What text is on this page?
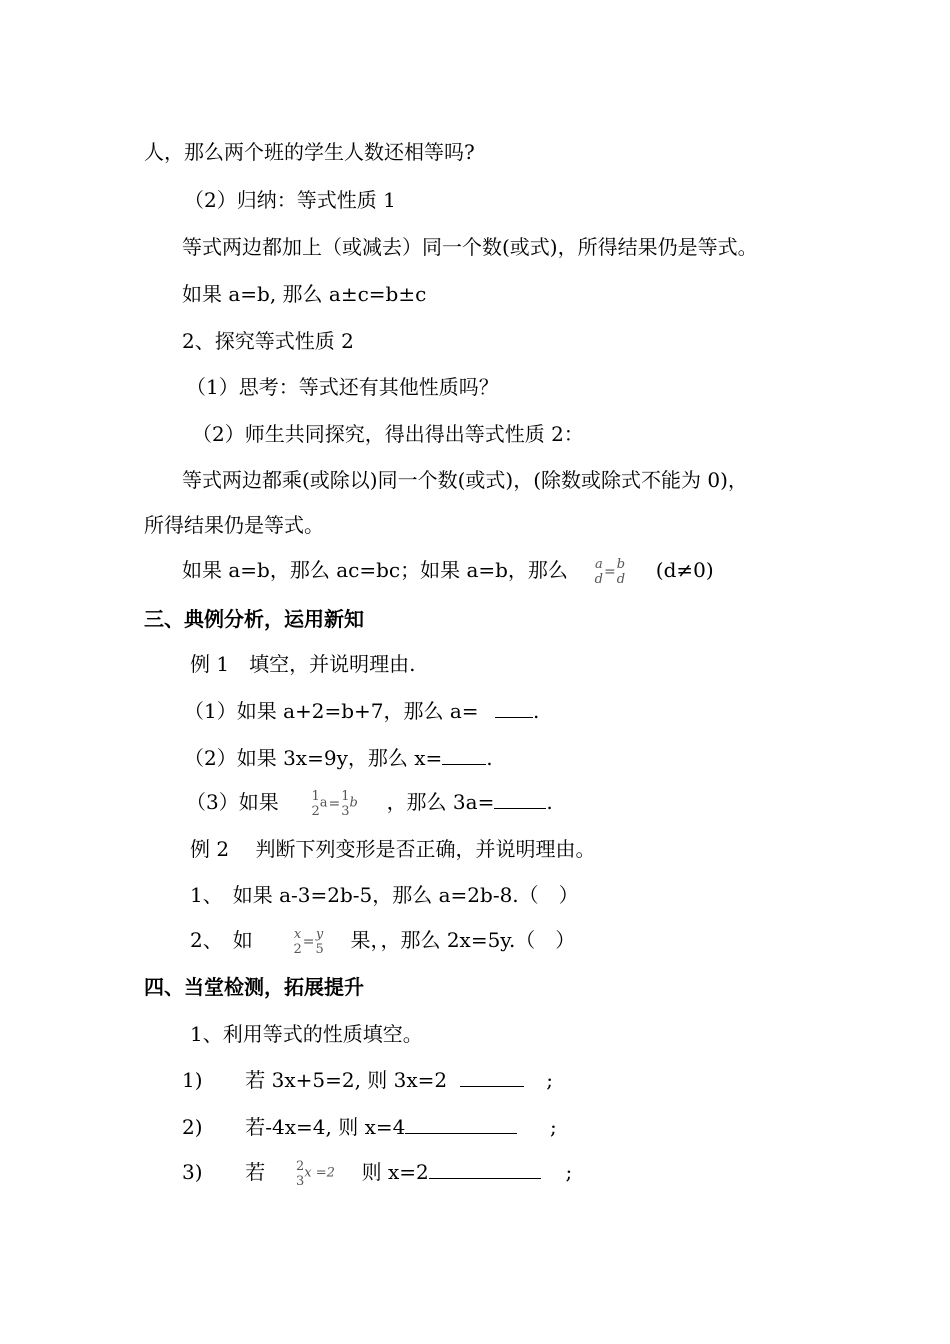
人，那么两个班的学生人数还相等吗?
（2）归纳：等式性质 1
等式两边都加上（或减去）同一个数(或式)，所得结果仍是等式。
如果 a=b, 那么 a±c=b±c
2、探究等式性质 2
（1）思考：等式还有其他性质吗？
（2）师生共同探究，得出得出等式性质 2：
等式两边都乘(或除以)同一个数(或式)，(除数或除式不能为 0)，
所得结果仍是等式。
如果 a=b，那么 ac=bc；如果 a=b，那么 a
d = b
d (d≠0)
三、典例分析，运用新知
例 1　填空，并说明理由.
（1）如果 a+2=b+7，那么 a=	.
（2）如果 3x=9y，那么 x= .
（3）如果	1
2
a= 1
3
b ，那么 3a=	.
例 2　 判断下列变形是否正确，并说明理由。
1、　如果 a-3=2b-5，那么 a=2b-8.（　）
2、　如	x
2 = y
5 果，，那么 2x=5y.（　）
四、当堂检测，拓展提升
1、利用等式的性质填空。
1) 若 3x+5=2, 则 3x=2	;
2) 若-4x=4, 则 x=4	;
3) 若 2
3
x =2 则 x=2	;
